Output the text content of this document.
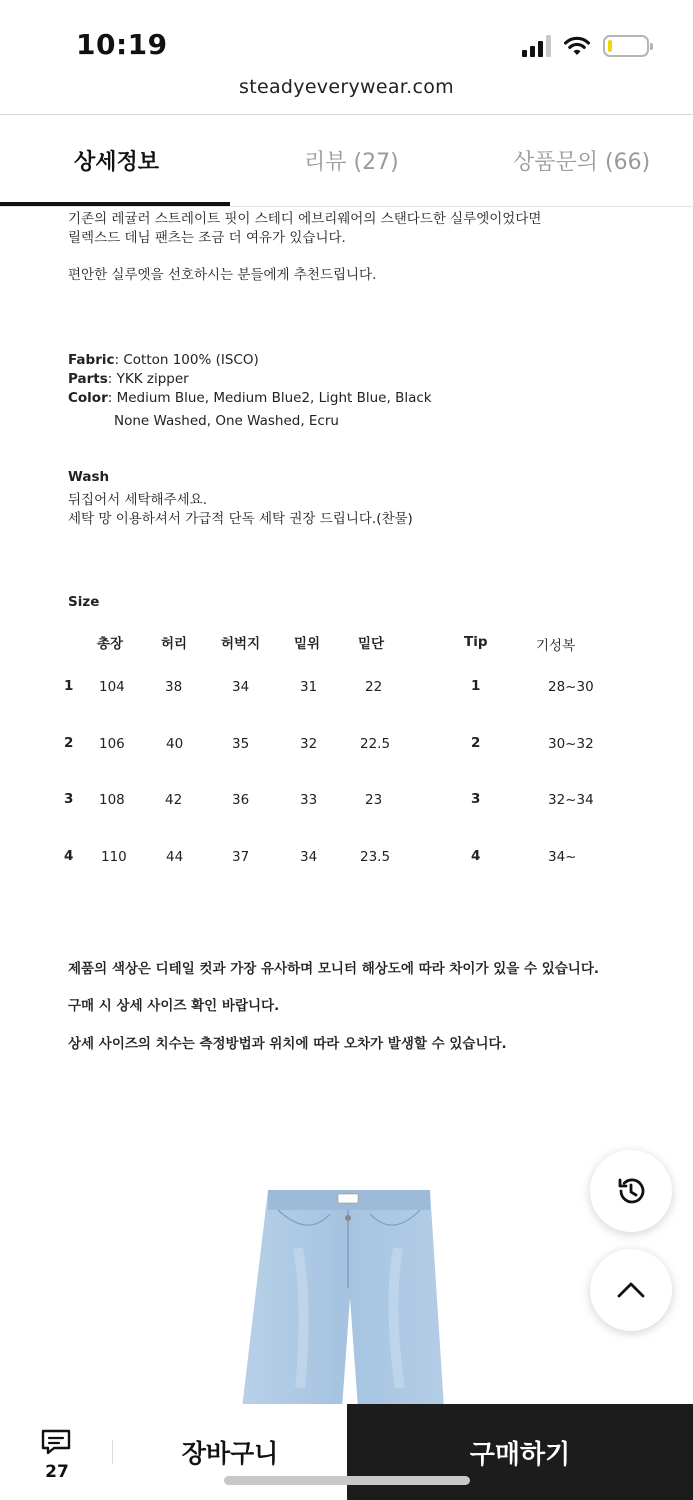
10:19
steadyeverywear.com
상세정보	리뷰 (27)	상품문의 (66)
기존의 레귤러 스트레이트 핏이 스테디 에브리웨어의 스탠다드한 실루엣이었다면
릴렉스드 데님 팬츠는 조금 더 여유가 있습니다.
편안한 실루엣을 선호하시는 분들에게 추천드립니다.
Fabric: Cotton 100% (ISCO)
Parts: YKK zipper
Color: Medium Blue, Medium Blue2, Light Blue, Black
None Washed, One Washed, Ecru
Wash
뒤집어서 세탁해주세요.
세탁 망 이용하셔서 가급적 단독 세탁 권장 드립니다.(찬물)
Size
총장	허리	허벅지	밑위	밑단	Tip	기성복
1 104	38	34	31	22	1	28~30
2 106	40	35	32	22.5	2	30~32
3 108	42	36	33	23	3	32~34
4 110	44	37	34	23.5	4	34~
제품의 색상은 디테일 컷과 가장 유사하며 모니터 해상도에 따라 차이가 있을 수 있습니다.
구매 시 상세 사이즈 확인 바랍니다.
상세 사이즈의 치수는 측정방법과 위치에 따라 오차가 발생할 수 있습니다.
27
장바구니	구매하기
